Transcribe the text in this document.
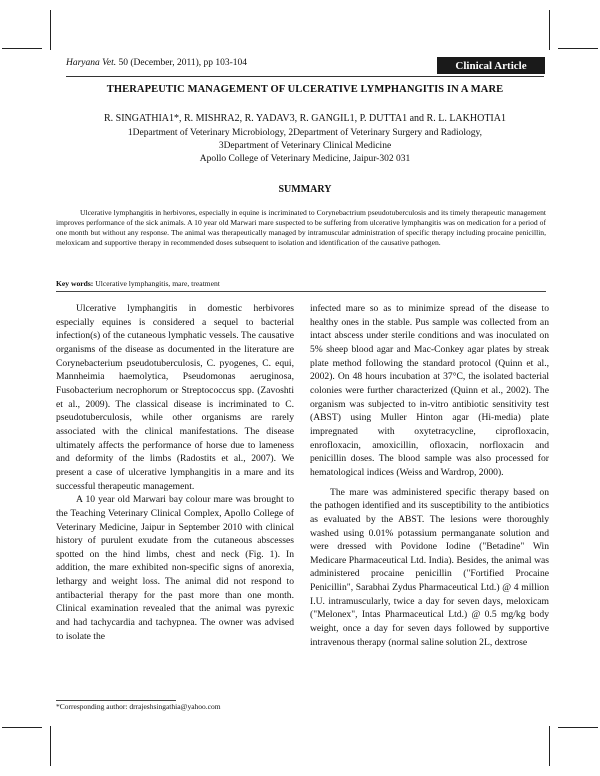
Haryana Vet. 50 (December, 2011), pp 103-104	Clinical Article
THERAPEUTIC MANAGEMENT OF ULCERATIVE LYMPHANGITIS IN A MARE
R. SINGATHIA1*, R. MISHRA2, R. YADAV3, R. GANGIL1, P. DUTTA1 and R. L. LAKHOTIA1
1Department of Veterinary Microbiology, 2Department of Veterinary Surgery and Radiology,
3Department of Veterinary Clinical Medicine
Apollo College of Veterinary Medicine, Jaipur-302 031
SUMMARY
Ulcerative lymphangitis in herbivores, especially in equine is incriminated to Corynebactrium pseudotuberculosis and its timely therapeutic management improves performance of the sick animals. A 10 year old Marwari mare suspected to be suffering from ulcerative lymphangitis was on medication for a period of one month but without any response. The animal was therapeutically managed by intramuscular administration of specific therapy including procaine penicillin, meloxicam and supportive therapy in recommended doses subsequent to isolation and identification of the causative pathogen.
Key words: Ulcerative lymphangitis, mare, treatment

Ulcerative lymphangitis in domestic herbivores especially equines is considered a sequel to bacterial infection(s) of the cutaneous lymphatic vessels. The causative organisms of the disease as documented in the literature are Corynebacterium pseudotuberculosis, C. pyogenes, C. equi, Mannheimia haemolytica, Pseudomonas aeruginosa, Fusobacterium necrophorum or Streptococcus spp. (Zavoshti et al., 2009). The classical disease is incriminated to C. pseudotuberculosis, while other organisms are rarely associated with the clinical manifestations. The disease ultimately affects the performance of horse due to lameness and deformity of the limbs (Radostits et al., 2007). We present a case of ulcerative lymphangitis in a mare and its successful therapeutic management.

A 10 year old Marwari bay colour mare was brought to the Teaching Veterinary Clinical Complex, Apollo College of Veterinary Medicine, Jaipur in September 2010 with clinical history of purulent exudate from the cutaneous abscesses spotted on the hind limbs, chest and neck (Fig. 1). In addition, the mare exhibited non-specific signs of anorexia, lethargy and weight loss. The animal did not respond to antibacterial therapy for the past more than one month. Clinical examination revealed that the animal was pyrexic and had tachycardia and tachypnea. The owner was advised to isolate the

infected mare so as to minimize spread of the disease to healthy ones in the stable. Pus sample was collected from an intact abscess under sterile conditions and was inoculated on 5% sheep blood agar and Mac-Conkey agar plates by streak plate method following the standard protocol (Quinn et al., 2002). On 48 hours incubation at 37°C, the isolated bacterial colonies were further characterized (Quinn et al., 2002). The organism was subjected to in-vitro antibiotic sensitivity test (ABST) using Muller Hinton agar (Hi-media) plate impregnated with oxytetracycline, ciprofloxacin, enrofloxacin, amoxicillin, ofloxacin, norfloxacin and penicillin doses. The blood sample was also processed for hematological indices (Weiss and Wardrop, 2000).

The mare was administered specific therapy based on the pathogen identified and its susceptibility to the antibiotics as evaluated by the ABST. The lesions were thoroughly washed using 0.01% potassium permanganate solution and were dressed with Povidone Iodine ("Betadine" Win Medicare Pharmaceutical Ltd. India). Besides, the animal was administered procaine penicillin ("Fortified Procaine Penicillin", Sarabhai Zydus Pharmaceutical Ltd.) @ 4 million I.U. intramuscularly, twice a day for seven days, meloxicam ("Melonex", Intas Pharmaceutical Ltd.) @ 0.5 mg/kg body weight, once a day for seven days followed by supportive intravenous therapy (normal saline solution 2L, dextrose

*Corresponding author: drrajeshsingathia@yahoo.com
